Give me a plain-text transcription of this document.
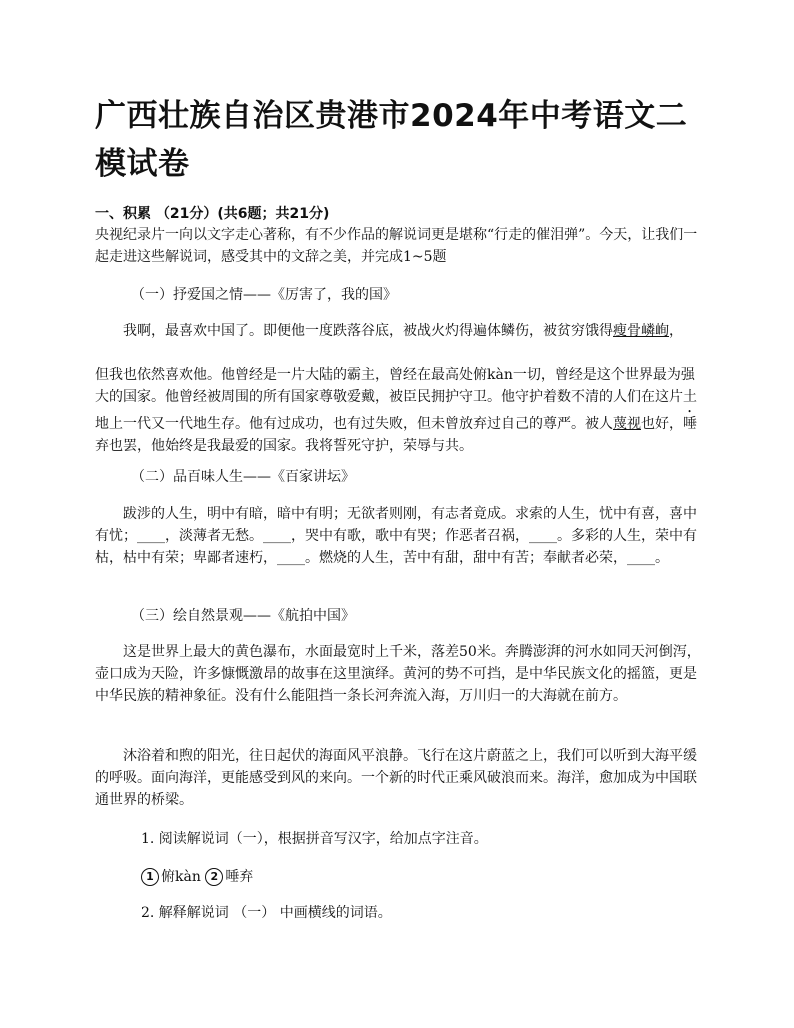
广西壮族自治区贵港市2024年中考语文二模试卷
一、积累 （21分）(共6题；共21分)
央视纪录片一向以文字走心著称，有不少作品的解说词更是堪称“行走的催泪弹”。今天，让我们一起走进这些解说词，感受其中的文辞之美，并完成1~5题
（一）抒爱国之情——《厉害了，我的国》
我啊，最喜欢中国了。即便他一度跌落谷底，被战火灼得遍体鳞伤，被贫穷饿得瘦骨嶙峋，
但我也依然喜欢他。他曾经是一片大陆的霸主，曾经在最高处俯kàn一切，曾经是这个世界最为强大的国家。他曾经被周围的所有国家尊敬爱戴，被臣民拥护守卫。他守护着数不清的人们在这片土地上一代又一代地生存。他有过成功，也有过失败，但未曾放弃过自己的尊严。被人蔑视也好，唾弃也罢，他始终是我最爱的国家。我将誓死守护，荣辱与共。
（二）品百味人生——《百家讲坛》
跋涉的人生，明中有暗，暗中有明；无欲者则刚，有志者竟成。求索的人生，忧中有喜，喜中有忧；____，淡薄者无愁。____，哭中有歌，歌中有哭；作恶者召祸，____。多彩的人生，荣中有枯，枯中有荣；卑鄙者速朽，____。燃烧的人生，苦中有甜，甜中有苦；奉献者必荣，____。
（三）绘自然景观——《航拍中国》
这是世界上最大的黄色瀑布，水面最宽时上千米，落差50米。奔腾澎湃的河水如同天河倒泻，壶口成为天险，许多慷慨激昂的故事在这里演绎。黄河的势不可挡，是中华民族文化的摇篮，更是中华民族的精神象征。没有什么能阻挡一条长河奔流入海，万川归一的大海就在前方。
沐浴着和煦的阳光，往日起伏的海面风平浪静。飞行在这片蔚蓝之上，我们可以听到大海平缓的呼吸。面向海洋，更能感受到风的来向。一个新的时代正乘风破浪而来。海洋，愈加成为中国联通世界的桥梁。
1. 阅读解说词（一），根据拼音写汉字，给加点字注音。
1 俯kàn 2 唾弃
2. 解释解说词 （一） 中画横线的词语。
